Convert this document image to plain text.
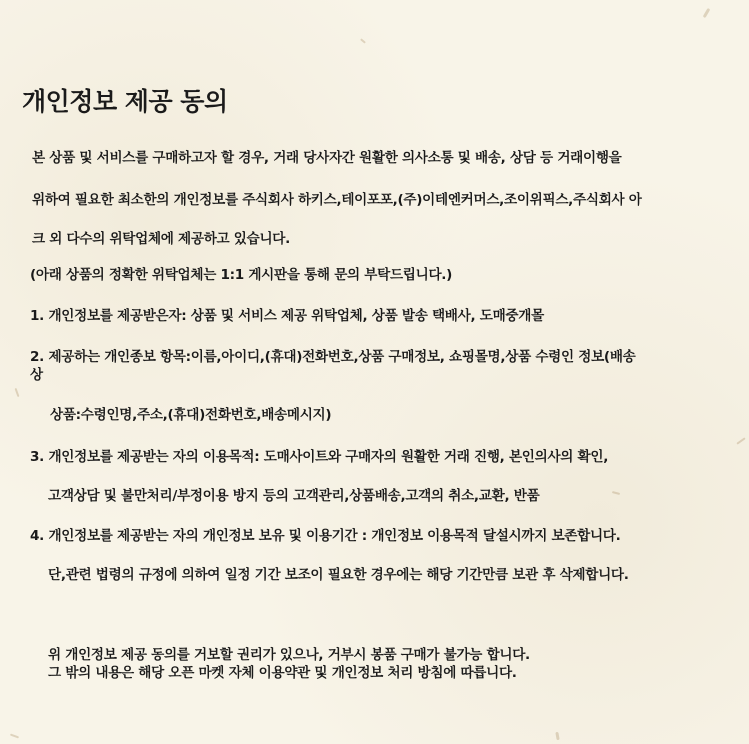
개인정보 제공 동의

본 상품 및 서비스를 구매하고자 할 경우, 거래 당사자간 원활한 의사소통 및 배송, 상담 등 거래이행을

위하여 필요한 최소한의 개인정보를 주식회사 하키스,테이포포,(주)이테엔커머스,조이위픽스,주식회사 아

크 외 다수의 위탁업체에 제공하고 있습니다.

(아래 상품의 정확한 위탁업체는 1:1 게시판을 통해 문의 부탁드립니다.)

1. 개인정보를 제공받은자: 상품 및 서비스 제공 위탁업체, 상품 발송 택배사, 도매중개몰

2. 제공하는 개인종보 항목:이름,아이디,(휴대)전화번호,상품 구매정보, 쇼핑몰명,상품 수령인 정보(배송

상

상품:수령인명,주소,(휴대)전화번호,배송메시지)

3. 개인정보를 제공받는 자의 이용목적: 도매사이트와 구매자의 원활한 거래 진행, 본인의사의 확인,

고객상담 및 불만처리/부정이용 방지 등의 고객관리,상품배송,고객의 취소,교환, 반품

4. 개인정보를 제공받는 자의 개인정보 보유 및 이용기간 : 개인정보 이용목적 달설시까지 보존합니다.

단,관련 법령의 규정에 의하여 일정 기간 보조이 필요한 경우에는 해당 기간만큼 보관 후 삭제합니다.

위 개인정보 제공 동의를 거보할 권리가 있으나, 거부시 봉품 구매가 불가능 합니다.

그 밖의 내용은 해당 오픈 마켓 자체 이용약관 및 개인정보 처리 방침에 따릅니다.
